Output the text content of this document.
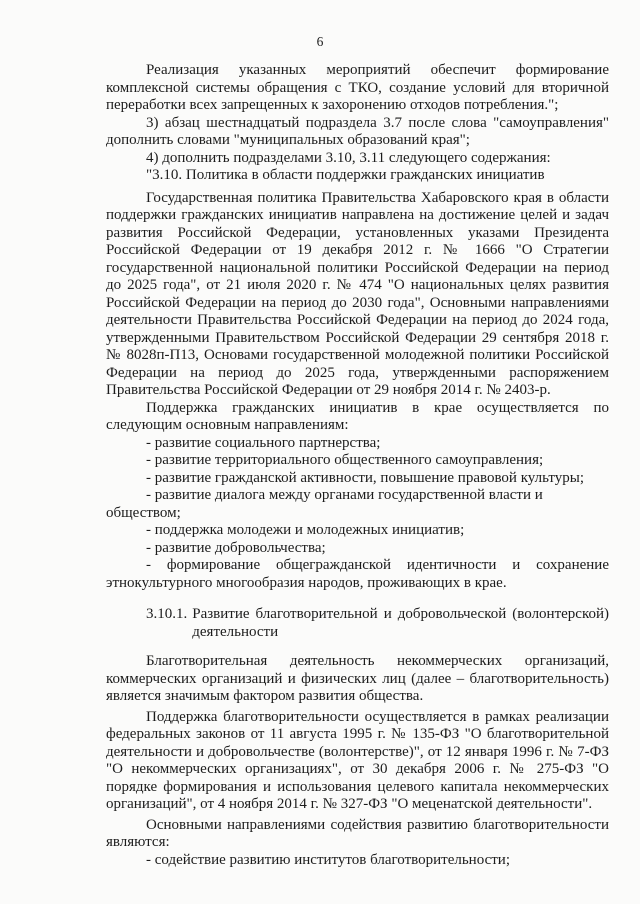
6

Реализация указанных мероприятий обеспечит формирование комплексной системы обращения с ТКО, создание условий для вторичной переработки всех запрещенных к захоронению отходов потребления.";

3) абзац шестнадцатый подраздела 3.7 после слова "самоуправления" дополнить словами "муниципальных образований края";

4) дополнить подразделами 3.10, 3.11 следующего содержания:

"3.10. Политика в области поддержки гражданских инициатив

Государственная политика Правительства Хабаровского края в области поддержки гражданских инициатив направлена на достижение целей и задач развития Российской Федерации, установленных указами Президента Российской Федерации от 19 декабря 2012 г. № 1666 "О Стратегии государственной национальной политики Российской Федерации на период до 2025 года", от 21 июля 2020 г. № 474 "О национальных целях развития Российской Федерации на период до 2030 года", Основными направлениями деятельности Правительства Российской Федерации на период до 2024 года, утвержденными Правительством Российской Федерации 29 сентября 2018 г. № 8028п-П13, Основами государственной молодежной политики Российской Федерации на период до 2025 года, утвержденными распоряжением Правительства Российской Федерации от 29 ноября 2014 г. № 2403-р.

Поддержка гражданских инициатив в крае осуществляется по следующим основным направлениям:

- развитие социального партнерства;

- развитие территориального общественного самоуправления;

- развитие гражданской активности, повышение правовой культуры;

- развитие диалога между органами государственной власти и обществом;

- поддержка молодежи и молодежных инициатив;

- развитие добровольчества;

- формирование общегражданской идентичности и сохранение этнокультурного многообразия народов, проживающих в крае.

3.10.1. Развитие благотворительной и добровольческой (волонтерской) деятельности

Благотворительная деятельность некоммерческих организаций, коммерческих организаций и физических лиц (далее – благотворительность) является значимым фактором развития общества.

Поддержка благотворительности осуществляется в рамках реализации федеральных законов от 11 августа 1995 г. № 135-ФЗ "О благотворительной деятельности и добровольчестве (волонтерстве)", от 12 января 1996 г. № 7-ФЗ "О некоммерческих организациях", от 30 декабря 2006 г. № 275-ФЗ "О порядке формирования и использования целевого капитала некоммерческих организаций", от 4 ноября 2014 г. № 327-ФЗ "О меценатской деятельности".

Основными направлениями содействия развитию благотворительности являются:

- содействие развитию институтов благотворительности;
